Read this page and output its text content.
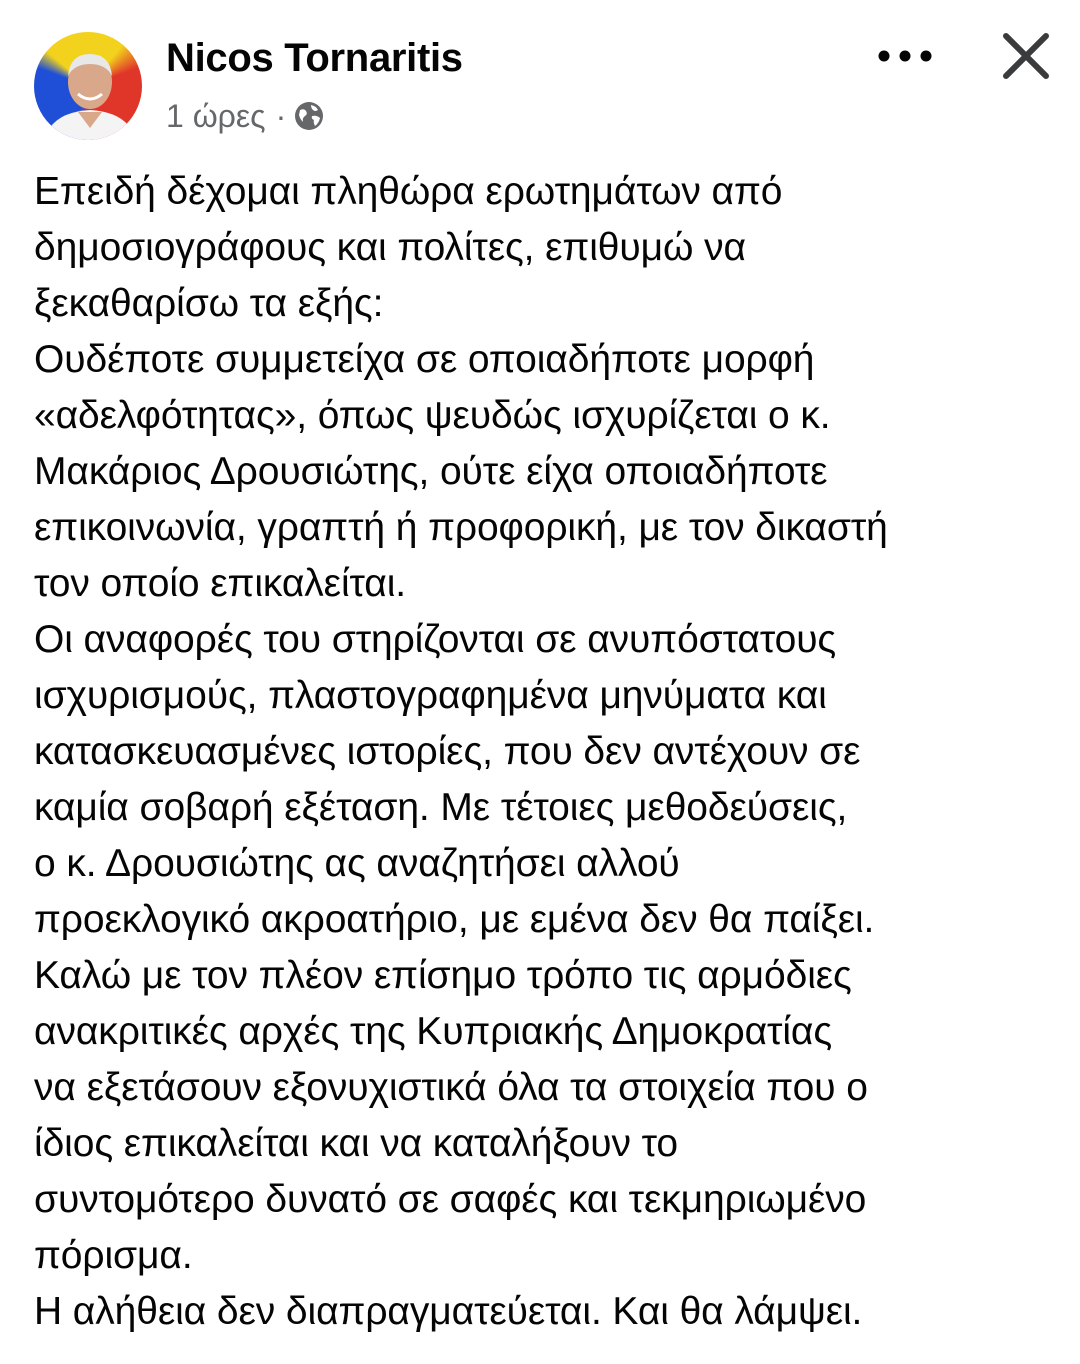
Nicos Tornaritis
1 ώρες ·
Επειδή δέχομαι πληθώρα ερωτημάτων από
δημοσιογράφους και πολίτες, επιθυμώ να
ξεκαθαρίσω τα εξής:
Ουδέποτε συμμετείχα σε οποιαδήποτε μορφή
«αδελφότητας», όπως ψευδώς ισχυρίζεται ο κ.
Μακάριος Δρουσιώτης, ούτε είχα οποιαδήποτε
επικοινωνία, γραπτή ή προφορική, με τον δικαστή
τον οποίο επικαλείται.
Οι αναφορές του στηρίζονται σε ανυπόστατους
ισχυρισμούς, πλαστογραφημένα μηνύματα και
κατασκευασμένες ιστορίες, που δεν αντέχουν σε
καμία σοβαρή εξέταση. Με τέτοιες μεθοδεύσεις,
ο κ. Δρουσιώτης ας αναζητήσει αλλού
προεκλογικό ακροατήριο, με εμένα δεν θα παίξει.
Καλώ με τον πλέον επίσημο τρόπο τις αρμόδιες
ανακριτικές αρχές της Κυπριακής Δημοκρατίας
να εξετάσουν εξονυχιστικά όλα τα στοιχεία που ο
ίδιος επικαλείται και να καταλήξουν το
συντομότερο δυνατό σε σαφές και τεκμηριωμένο
πόρισμα.
Η αλήθεια δεν διαπραγματεύεται. Και θα λάμψει.
